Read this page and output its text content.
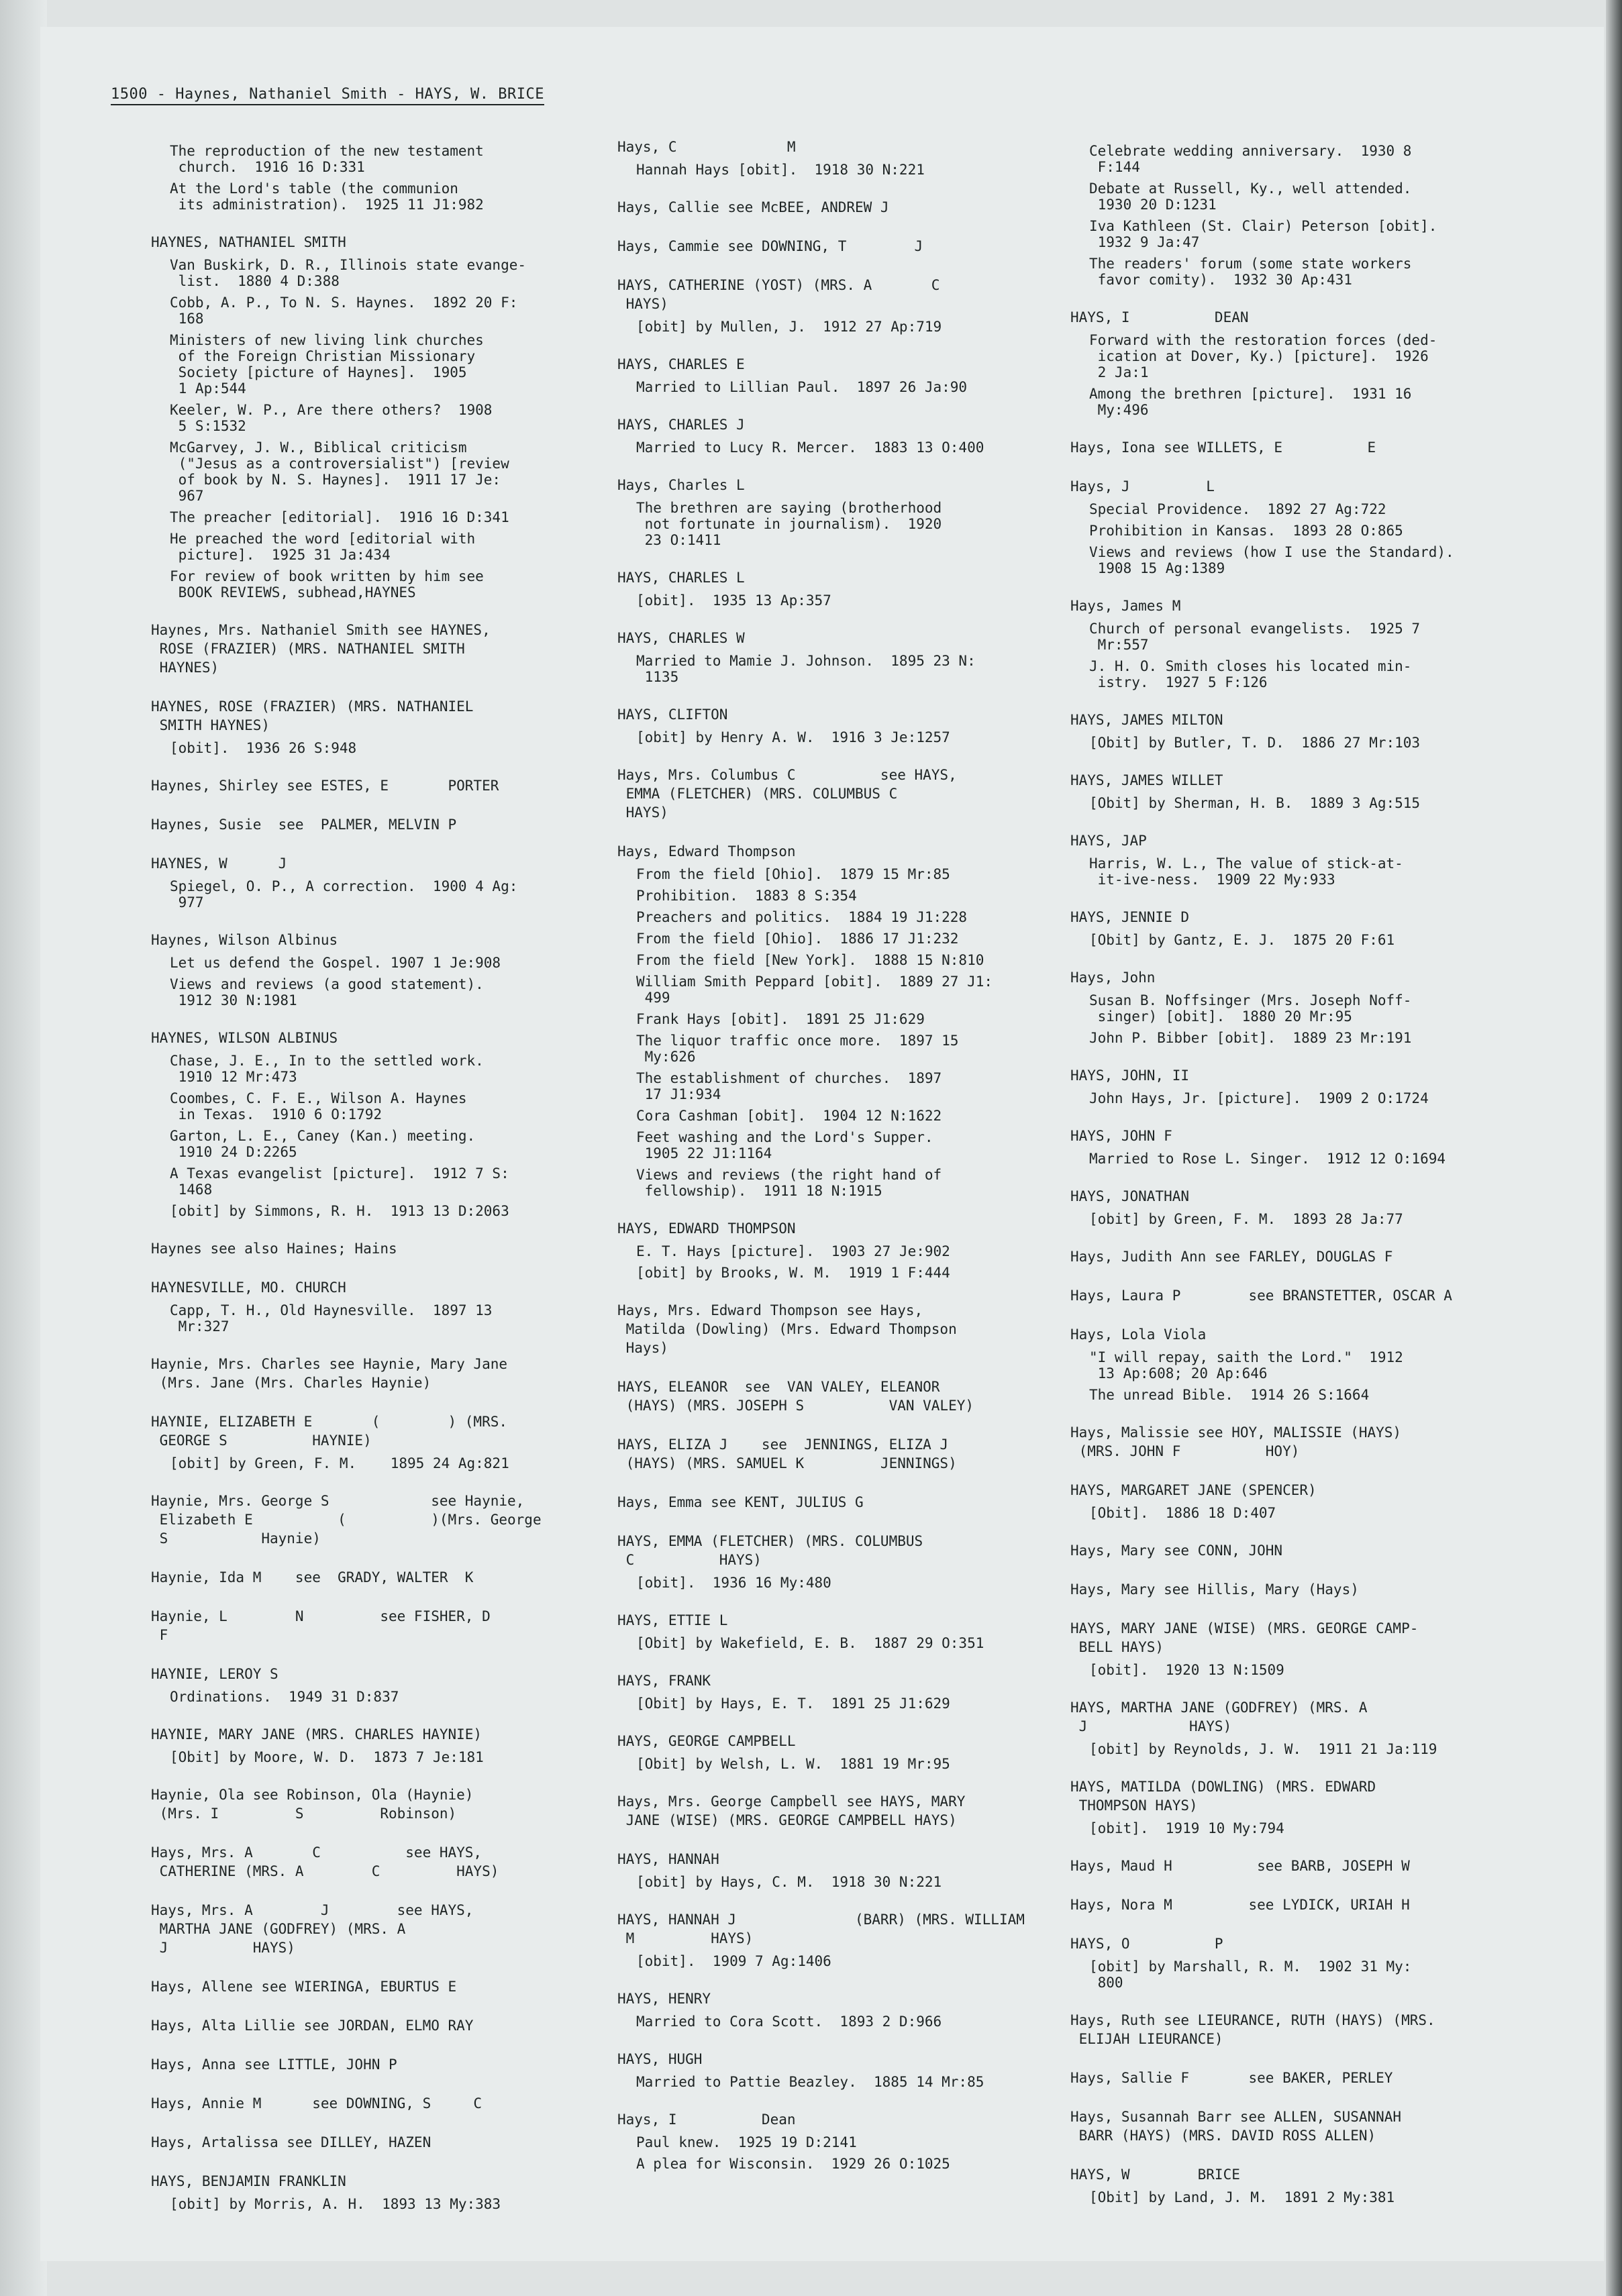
1500 - Haynes, Nathaniel Smith - HAYS, W. BRICE
The reproduction of the new testament
church.  1916 16 D:331
At the Lord's table (the communion
its administration).  1925 11 J1:982
HAYNES, NATHANIEL SMITH
Van Buskirk, D. R., Illinois state evange-
list.  1880 4 D:388
Cobb, A. P., To N. S. Haynes.  1892 20 F:
168
Ministers of new living link churches
of the Foreign Christian Missionary
Society [picture of Haynes].  1905
1 Ap:544
Keeler, W. P., Are there others?  1908
5 S:1532
McGarvey, J. W., Biblical criticism
("Jesus as a controversialist") [review
of book by N. S. Haynes].  1911 17 Je:
967
The preacher [editorial].  1916 16 D:341
He preached the word [editorial with
picture].  1925 31 Ja:434
For review of book written by him see
BOOK REVIEWS, subhead,HAYNES
Haynes, Mrs. Nathaniel Smith see HAYNES,
ROSE (FRAZIER) (MRS. NATHANIEL SMITH
HAYNES)
HAYNES, ROSE (FRAZIER) (MRS. NATHANIEL
SMITH HAYNES)
[obit].  1936 26 S:948
Haynes, Shirley see ESTES, E       PORTER
Haynes, Susie  see  PALMER, MELVIN P
HAYNES, W      J
Spiegel, O. P., A correction.  1900 4 Ag:
977
Haynes, Wilson Albinus
Let us defend the Gospel. 1907 1 Je:908
Views and reviews (a good statement).
1912 30 N:1981
HAYNES, WILSON ALBINUS
Chase, J. E., In to the settled work.
1910 12 Mr:473
Coombes, C. F. E., Wilson A. Haynes
in Texas.  1910 6 O:1792
Garton, L. E., Caney (Kan.) meeting.
1910 24 D:2265
A Texas evangelist [picture].  1912 7 S:
1468
[obit] by Simmons, R. H.  1913 13 D:2063
Haynes see also Haines; Hains
HAYNESVILLE, MO. CHURCH
Capp, T. H., Old Haynesville.  1897 13
Mr:327
Haynie, Mrs. Charles see Haynie, Mary Jane
(Mrs. Jane (Mrs. Charles Haynie)
HAYNIE, ELIZABETH E       (        ) (MRS.
GEORGE S          HAYNIE)
[obit] by Green, F. M.    1895 24 Ag:821
Haynie, Mrs. George S            see Haynie,
Elizabeth E          (          )(Mrs. George
S           Haynie)
Haynie, Ida M    see  GRADY, WALTER  K
Haynie, L        N         see FISHER, D
F
HAYNIE, LEROY S
Ordinations.  1949 31 D:837
HAYNIE, MARY JANE (MRS. CHARLES HAYNIE)
[Obit] by Moore, W. D.  1873 7 Je:181
Haynie, Ola see Robinson, Ola (Haynie)
(Mrs. I         S         Robinson)
Hays, Mrs. A       C          see HAYS,
CATHERINE (MRS. A        C         HAYS)
Hays, Mrs. A        J        see HAYS,
MARTHA JANE (GODFREY) (MRS. A
J          HAYS)
Hays, Allene see WIERINGA, EBURTUS E
Hays, Alta Lillie see JORDAN, ELMO RAY
Hays, Anna see LITTLE, JOHN P
Hays, Annie M      see DOWNING, S     C
Hays, Artalissa see DILLEY, HAZEN
HAYS, BENJAMIN FRANKLIN
[obit] by Morris, A. H.  1893 13 My:383
Hays, C             M
Hannah Hays [obit].  1918 30 N:221
Hays, Callie see McBEE, ANDREW J
Hays, Cammie see DOWNING, T        J
HAYS, CATHERINE (YOST) (MRS. A       C
HAYS)
[obit] by Mullen, J.  1912 27 Ap:719
HAYS, CHARLES E
Married to Lillian Paul.  1897 26 Ja:90
HAYS, CHARLES J
Married to Lucy R. Mercer.  1883 13 O:400
Hays, Charles L
The brethren are saying (brotherhood
not fortunate in journalism).  1920
23 O:1411
HAYS, CHARLES L
[obit].  1935 13 Ap:357
HAYS, CHARLES W
Married to Mamie J. Johnson.  1895 23 N:
1135
HAYS, CLIFTON
[obit] by Henry A. W.  1916 3 Je:1257
Hays, Mrs. Columbus C          see HAYS,
EMMA (FLETCHER) (MRS. COLUMBUS C
HAYS)
Hays, Edward Thompson
From the field [Ohio].  1879 15 Mr:85
Prohibition.  1883 8 S:354
Preachers and politics.  1884 19 J1:228
From the field [Ohio].  1886 17 J1:232
From the field [New York].  1888 15 N:810
William Smith Peppard [obit].  1889 27 J1:
499
Frank Hays [obit].  1891 25 J1:629
The liquor traffic once more.  1897 15
My:626
The establishment of churches.  1897
17 J1:934
Cora Cashman [obit].  1904 12 N:1622
Feet washing and the Lord's Supper.
1905 22 J1:1164
Views and reviews (the right hand of
fellowship).  1911 18 N:1915
HAYS, EDWARD THOMPSON
E. T. Hays [picture].  1903 27 Je:902
[obit] by Brooks, W. M.  1919 1 F:444
Hays, Mrs. Edward Thompson see Hays,
Matilda (Dowling) (Mrs. Edward Thompson
Hays)
HAYS, ELEANOR  see  VAN VALEY, ELEANOR
(HAYS) (MRS. JOSEPH S          VAN VALEY)
HAYS, ELIZA J    see  JENNINGS, ELIZA J
(HAYS) (MRS. SAMUEL K         JENNINGS)
Hays, Emma see KENT, JULIUS G
HAYS, EMMA (FLETCHER) (MRS. COLUMBUS
C          HAYS)
[obit].  1936 16 My:480
HAYS, ETTIE L
[Obit] by Wakefield, E. B.  1887 29 O:351
HAYS, FRANK
[Obit] by Hays, E. T.  1891 25 J1:629
HAYS, GEORGE CAMPBELL
[Obit] by Welsh, L. W.  1881 19 Mr:95
Hays, Mrs. George Campbell see HAYS, MARY
JANE (WISE) (MRS. GEORGE CAMPBELL HAYS)
HAYS, HANNAH
[obit] by Hays, C. M.  1918 30 N:221
HAYS, HANNAH J              (BARR) (MRS. WILLIAM
M         HAYS)
[obit].  1909 7 Ag:1406
HAYS, HENRY
Married to Cora Scott.  1893 2 D:966
HAYS, HUGH
Married to Pattie Beazley.  1885 14 Mr:85
Hays, I          Dean
Paul knew.  1925 19 D:2141
A plea for Wisconsin.  1929 26 O:1025
Celebrate wedding anniversary.  1930 8
F:144
Debate at Russell, Ky., well attended.
1930 20 D:1231
Iva Kathleen (St. Clair) Peterson [obit].
1932 9 Ja:47
The readers' forum (some state workers
favor comity).  1932 30 Ap:431
HAYS, I          DEAN
Forward with the restoration forces (ded-
ication at Dover, Ky.) [picture].  1926
2 Ja:1
Among the brethren [picture].  1931 16
My:496
Hays, Iona see WILLETS, E          E
Hays, J         L
Special Providence.  1892 27 Ag:722
Prohibition in Kansas.  1893 28 O:865
Views and reviews (how I use the Standard).
1908 15 Ag:1389
Hays, James M
Church of personal evangelists.  1925 7
Mr:557
J. H. O. Smith closes his located min-
istry.  1927 5 F:126
HAYS, JAMES MILTON
[Obit] by Butler, T. D.  1886 27 Mr:103
HAYS, JAMES WILLET
[Obit] by Sherman, H. B.  1889 3 Ag:515
HAYS, JAP
Harris, W. L., The value of stick-at-
it-ive-ness.  1909 22 My:933
HAYS, JENNIE D
[Obit] by Gantz, E. J.  1875 20 F:61
Hays, John
Susan B. Noffsinger (Mrs. Joseph Noff-
singer) [obit].  1880 20 Mr:95
John P. Bibber [obit].  1889 23 Mr:191
HAYS, JOHN, II
John Hays, Jr. [picture].  1909 2 O:1724
HAYS, JOHN F
Married to Rose L. Singer.  1912 12 O:1694
HAYS, JONATHAN
[obit] by Green, F. M.  1893 28 Ja:77
Hays, Judith Ann see FARLEY, DOUGLAS F
Hays, Laura P        see BRANSTETTER, OSCAR A
Hays, Lola Viola
"I will repay, saith the Lord."  1912
13 Ap:608; 20 Ap:646
The unread Bible.  1914 26 S:1664
Hays, Malissie see HOY, MALISSIE (HAYS)
(MRS. JOHN F          HOY)
HAYS, MARGARET JANE (SPENCER)
[Obit].  1886 18 D:407
Hays, Mary see CONN, JOHN
Hays, Mary see Hillis, Mary (Hays)
HAYS, MARY JANE (WISE) (MRS. GEORGE CAMP-
BELL HAYS)
[obit].  1920 13 N:1509
HAYS, MARTHA JANE (GODFREY) (MRS. A
J            HAYS)
[obit] by Reynolds, J. W.  1911 21 Ja:119
HAYS, MATILDA (DOWLING) (MRS. EDWARD
THOMPSON HAYS)
[obit].  1919 10 My:794
Hays, Maud H          see BARB, JOSEPH W
Hays, Nora M         see LYDICK, URIAH H
HAYS, O          P
[obit] by Marshall, R. M.  1902 31 My:
800
Hays, Ruth see LIEURANCE, RUTH (HAYS) (MRS.
ELIJAH LIEURANCE)
Hays, Sallie F       see BAKER, PERLEY
Hays, Susannah Barr see ALLEN, SUSANNAH
BARR (HAYS) (MRS. DAVID ROSS ALLEN)
HAYS, W        BRICE
[Obit] by Land, J. M.  1891 2 My:381
